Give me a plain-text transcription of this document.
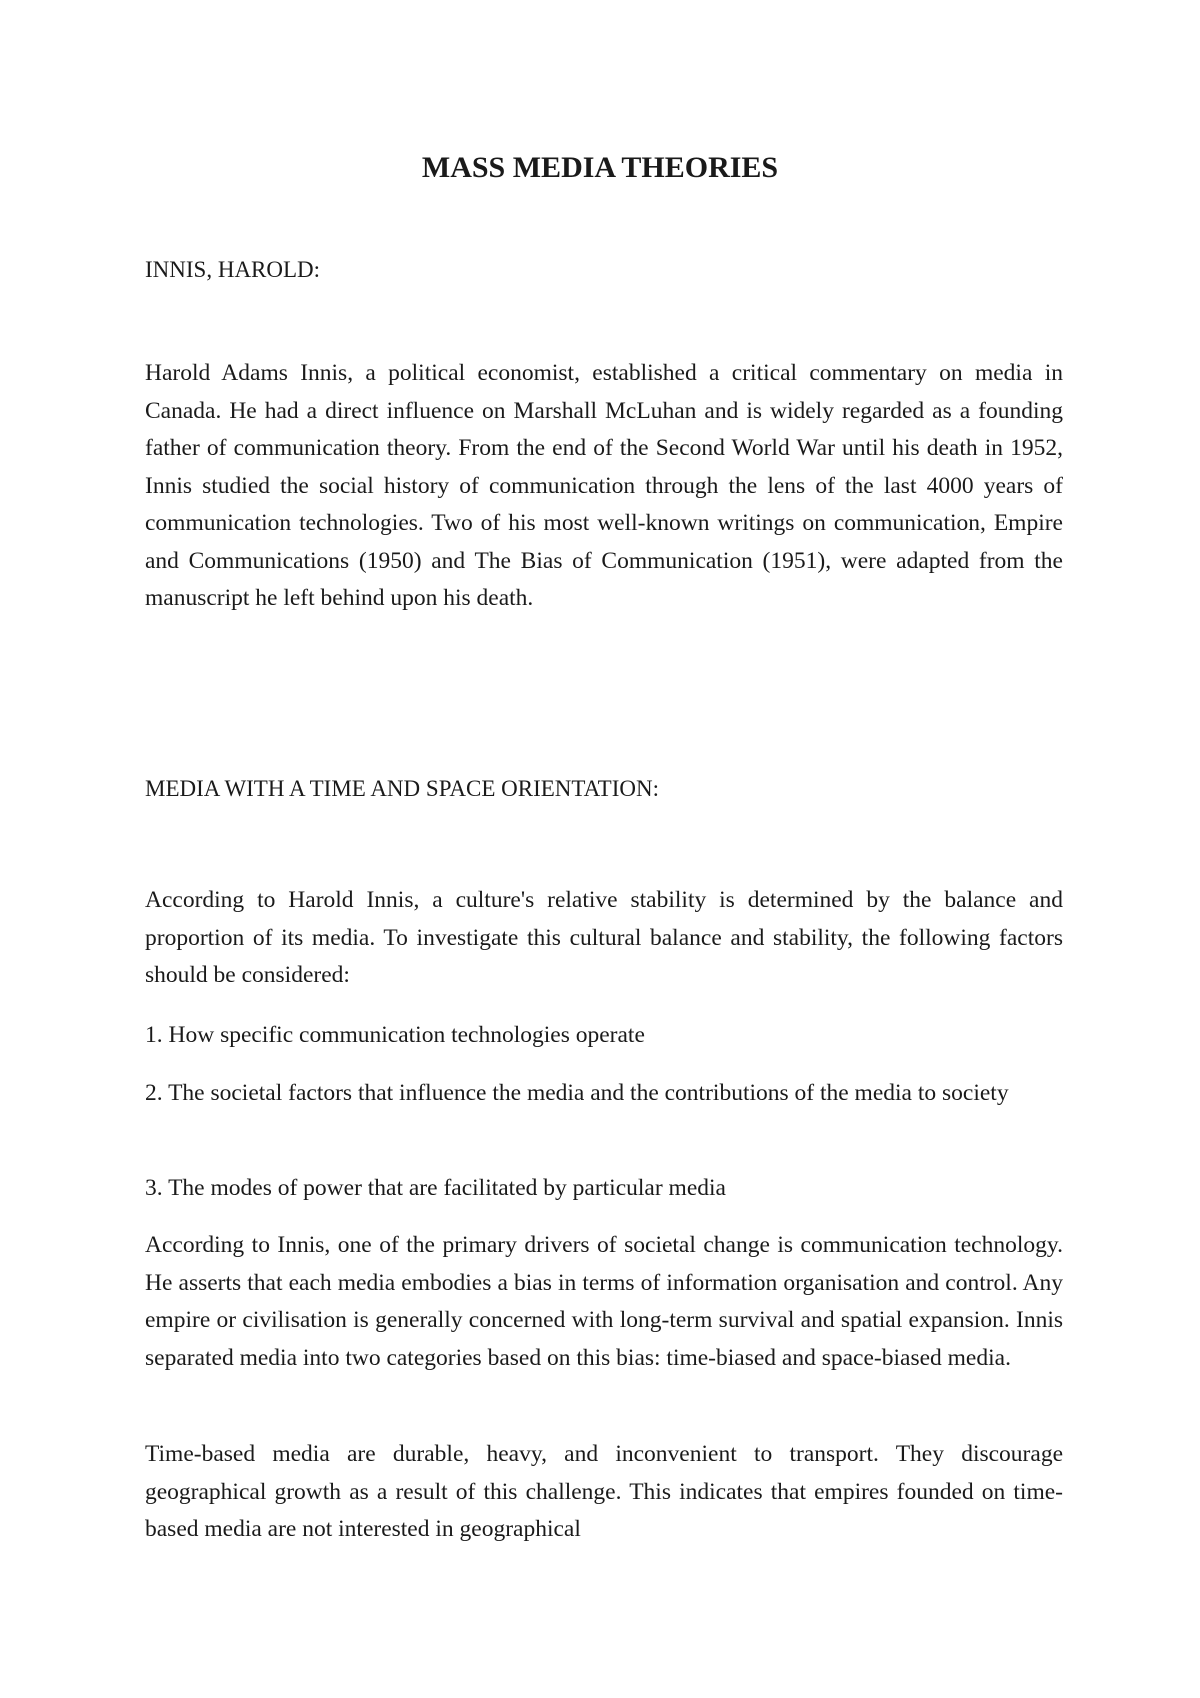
MASS MEDIA THEORIES
INNIS, HAROLD:

Harold Adams Innis, a political economist, established a critical commentary on media in Canada. He had a direct influence on Marshall McLuhan and is widely regarded as a founding father of communication theory. From the end of the Second World War until his death in 1952, Innis studied the social history of communication through the lens of the last 4000 years of communication technologies. Two of his most well-known writings on communication, Empire and Communications (1950) and The Bias of Communication (1951), were adapted from the manuscript he left behind upon his death.

MEDIA WITH A TIME AND SPACE ORIENTATION:

According to Harold Innis, a culture's relative stability is determined by the balance and proportion of its media. To investigate this cultural balance and stability, the following factors should be considered:

1. How specific communication technologies operate

2. The societal factors that influence the media and the contributions of the media to society

3. The modes of power that are facilitated by particular media

According to Innis, one of the primary drivers of societal change is communication technology. He asserts that each media embodies a bias in terms of information organisation and control. Any empire or civilisation is generally concerned with long-term survival and spatial expansion. Innis separated media into two categories based on this bias: time-biased and space-biased media.

Time-based media are durable, heavy, and inconvenient to transport. They discourage geographical growth as a result of this challenge. This indicates that empires founded on time-based media are not interested in geographical
